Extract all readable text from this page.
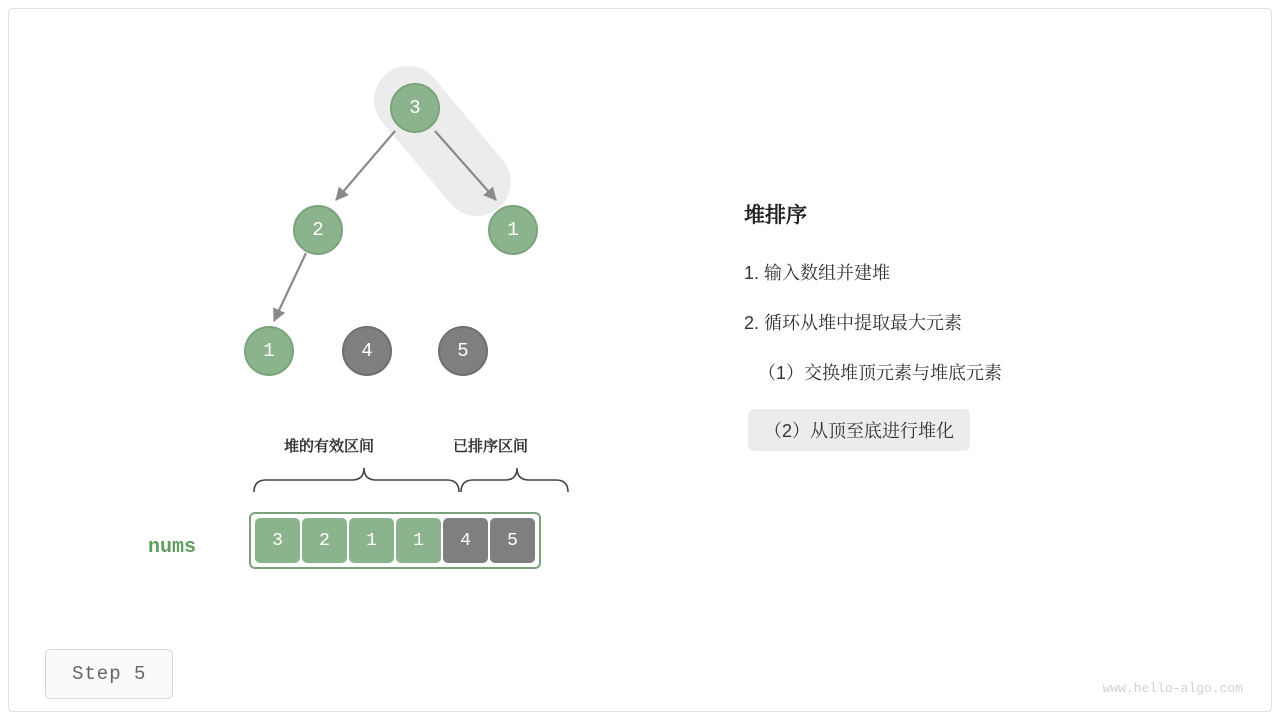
3
2	1
1	4	5
堆的有效区间	已排序区间
nums	3 2 1 1 4 5
堆排序
1. 输入数组并建堆
2. 循环从堆中提取最大元素
（1）交换堆顶元素与堆底元素
（2）从顶至底进行堆化
Step 5
www.hello-algo.com
